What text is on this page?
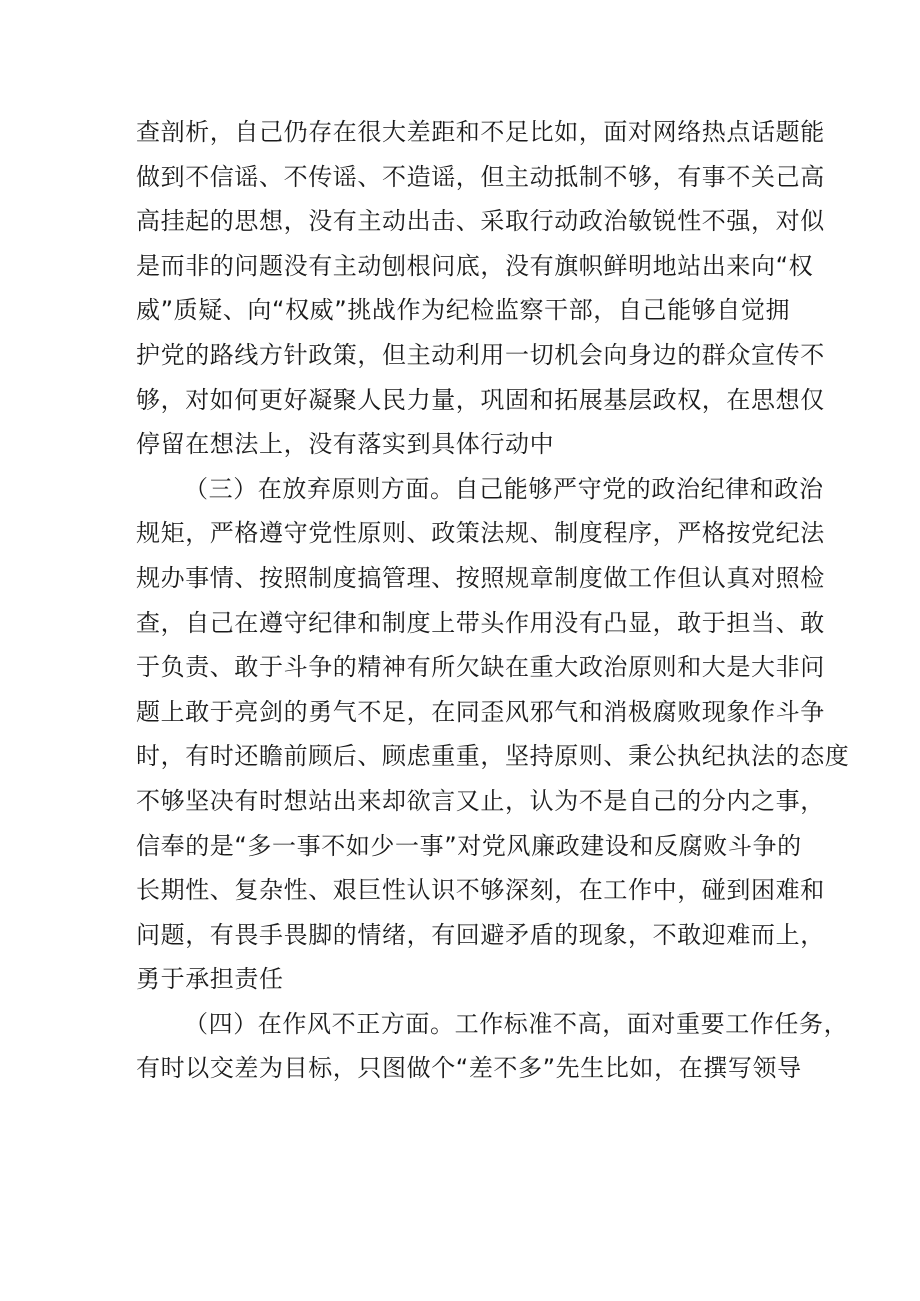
查剖析，自己仍存在很大差距和不足比如，面对网络热点话题能
做到不信谣、不传谣、不造谣，但主动抵制不够，有事不关己高
高挂起的思想，没有主动出击、采取行动政治敏锐性不强，对似
是而非的问题没有主动刨根问底，没有旗帜鲜明地站出来向“权
威”质疑、向“权威”挑战作为纪检监察干部，自己能够自觉拥
护党的路线方针政策，但主动利用一切机会向身边的群众宣传不
够，对如何更好凝聚人民力量，巩固和拓展基层政权，在思想仅
停留在想法上，没有落实到具体行动中
（三）在放弃原则方面。自己能够严守党的政治纪律和政治
规矩，严格遵守党性原则、政策法规、制度程序，严格按党纪法
规办事情、按照制度搞管理、按照规章制度做工作但认真对照检
查，自己在遵守纪律和制度上带头作用没有凸显，敢于担当、敢
于负责、敢于斗争的精神有所欠缺在重大政治原则和大是大非问
题上敢于亮剑的勇气不足，在同歪风邪气和消极腐败现象作斗争
时，有时还瞻前顾后、顾虑重重，坚持原则、秉公执纪执法的态度
不够坚决有时想站出来却欲言又止，认为不是自己的分内之事，
信奉的是“多一事不如少一事”对党风廉政建设和反腐败斗争的
长期性、复杂性、艰巨性认识不够深刻，在工作中，碰到困难和
问题，有畏手畏脚的情绪，有回避矛盾的现象，不敢迎难而上，
勇于承担责任
（四）在作风不正方面。工作标准不高，面对重要工作任务，
有时以交差为目标，只图做个“差不多”先生比如，在撰写领导
